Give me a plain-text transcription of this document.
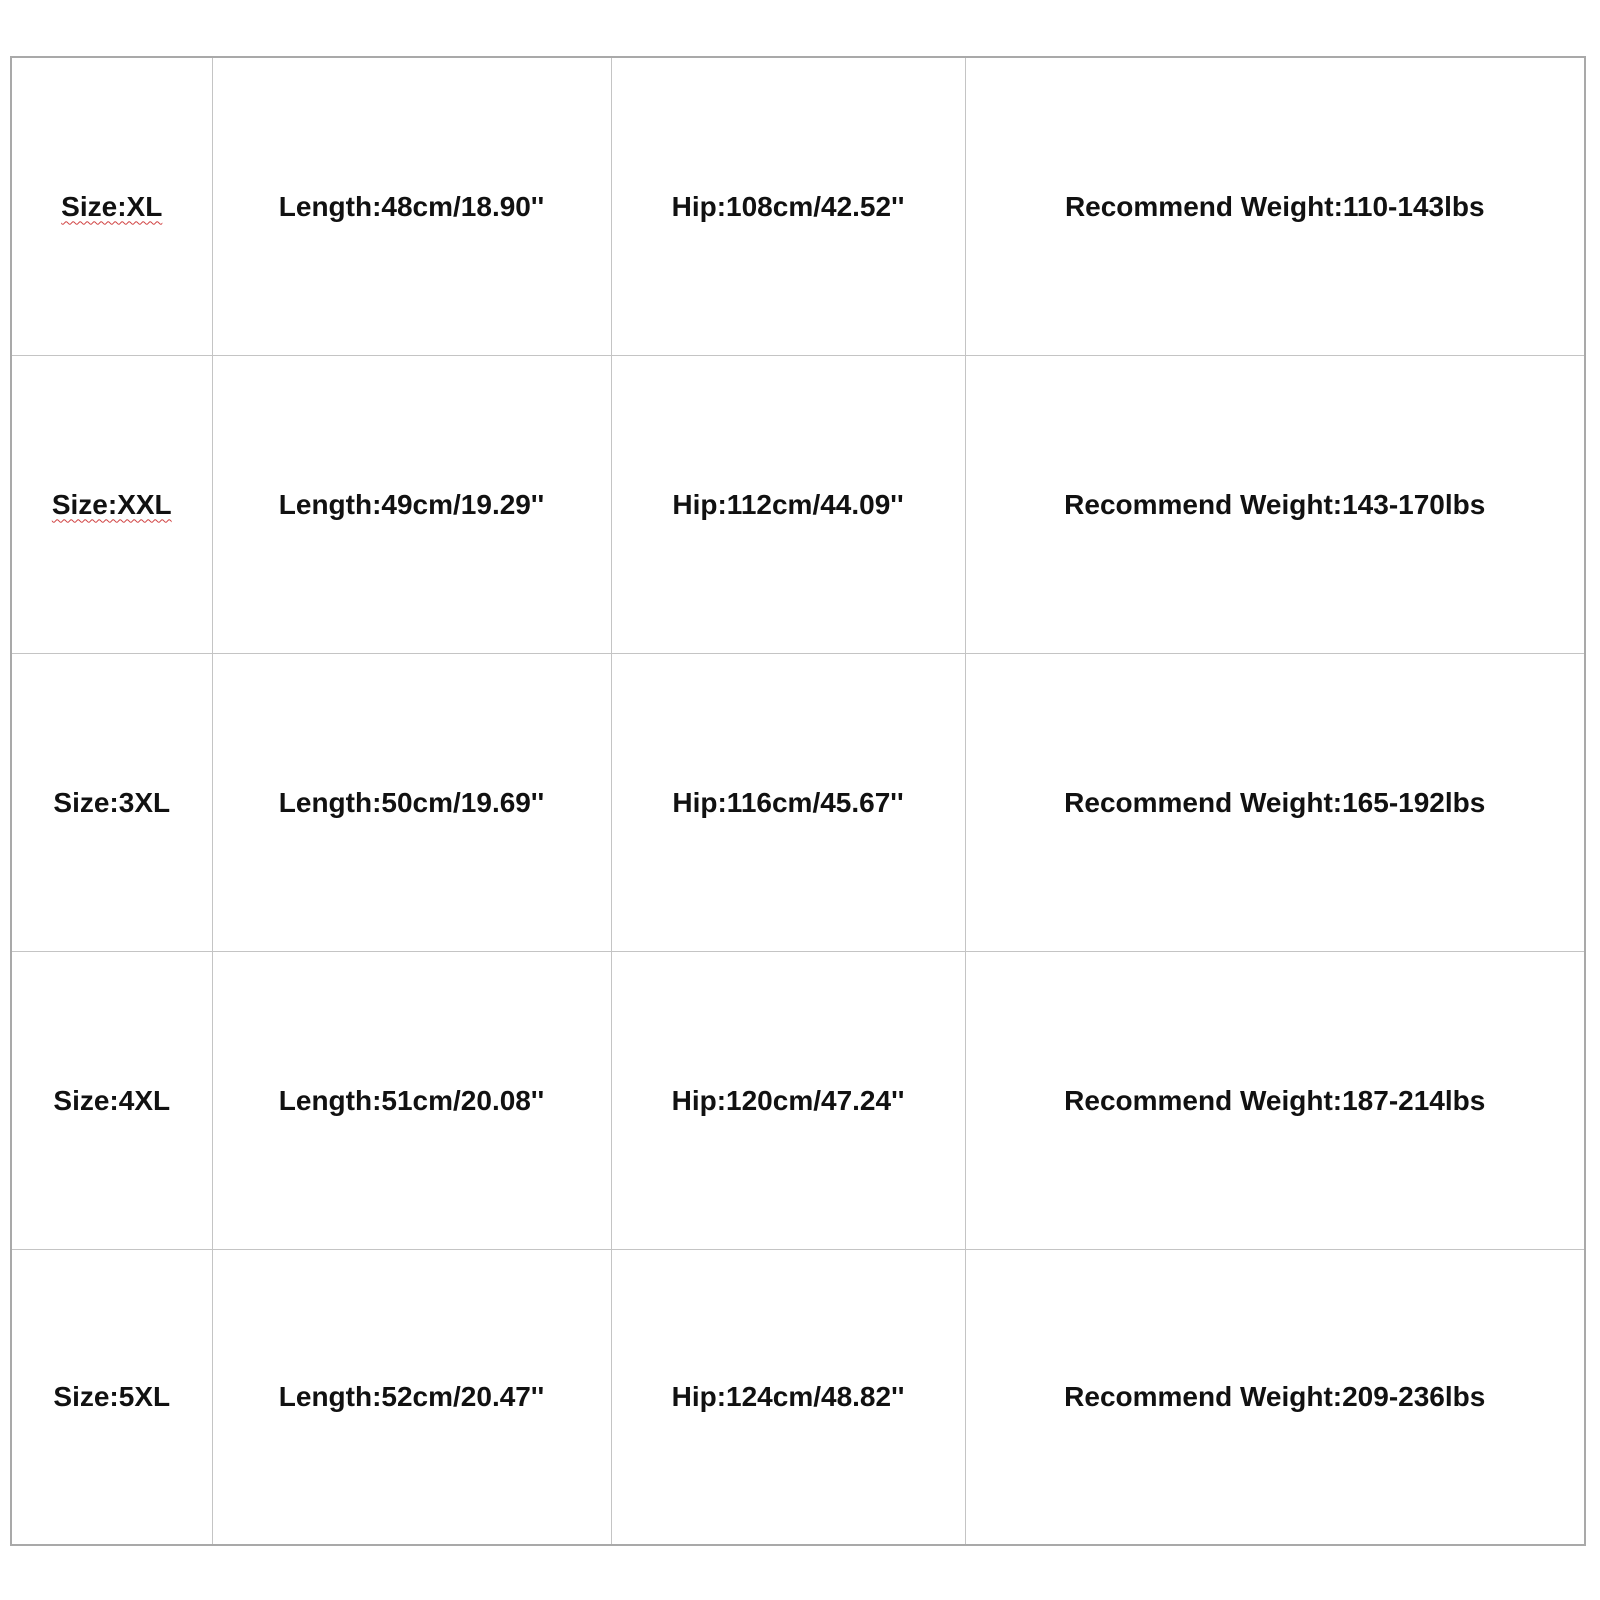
Size:XL	Length:48cm/18.90''	Hip:108cm/42.52''	Recommend Weight:110-143lbs
Size:XXL	Length:49cm/19.29''	Hip:112cm/44.09''	Recommend Weight:143-170lbs
Size:3XL	Length:50cm/19.69''	Hip:116cm/45.67''	Recommend Weight:165-192lbs
Size:4XL	Length:51cm/20.08''	Hip:120cm/47.24''	Recommend Weight:187-214lbs
Size:5XL	Length:52cm/20.47''	Hip:124cm/48.82''	Recommend Weight:209-236lbs
